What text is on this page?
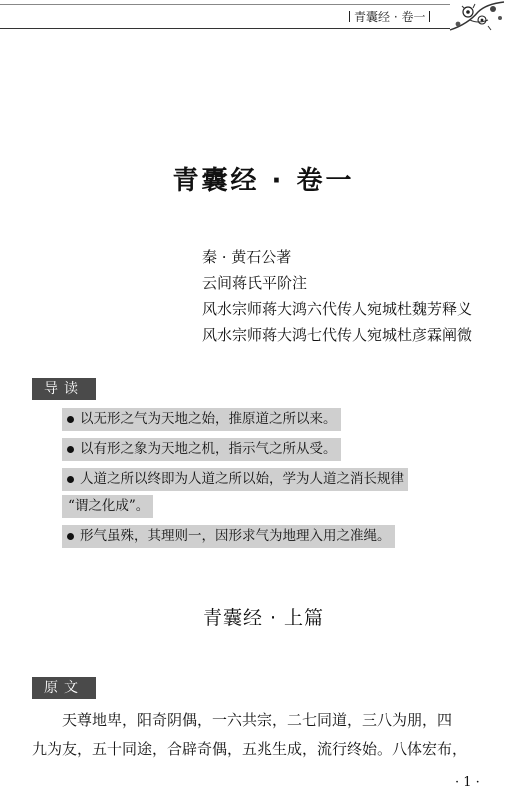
青囊经 · 卷一
青囊经 · 卷一
秦 · 黄石公著
云间蒋氏平阶注
风水宗师蒋大鸿六代传人宛城杜魏芳释义
风水宗师蒋大鸿七代传人宛城杜彦霖阐微
导读
以无形之气为天地之始，推原道之所以来。
以有形之象为天地之机，指示气之所从受。
人道之所以终即为人道之所以始，学为人道之消长规律
“谓之化成”。
形气虽殊，其理则一，因形求气为地理入用之准绳。
青囊经 · 上篇
原文
天尊地卑，阳奇阴偶，一六共宗，二七同道，三八为朋，四
九为友，五十同途，合辟奇偶，五兆生成，流行终始。八体宏布，
· 1 ·
